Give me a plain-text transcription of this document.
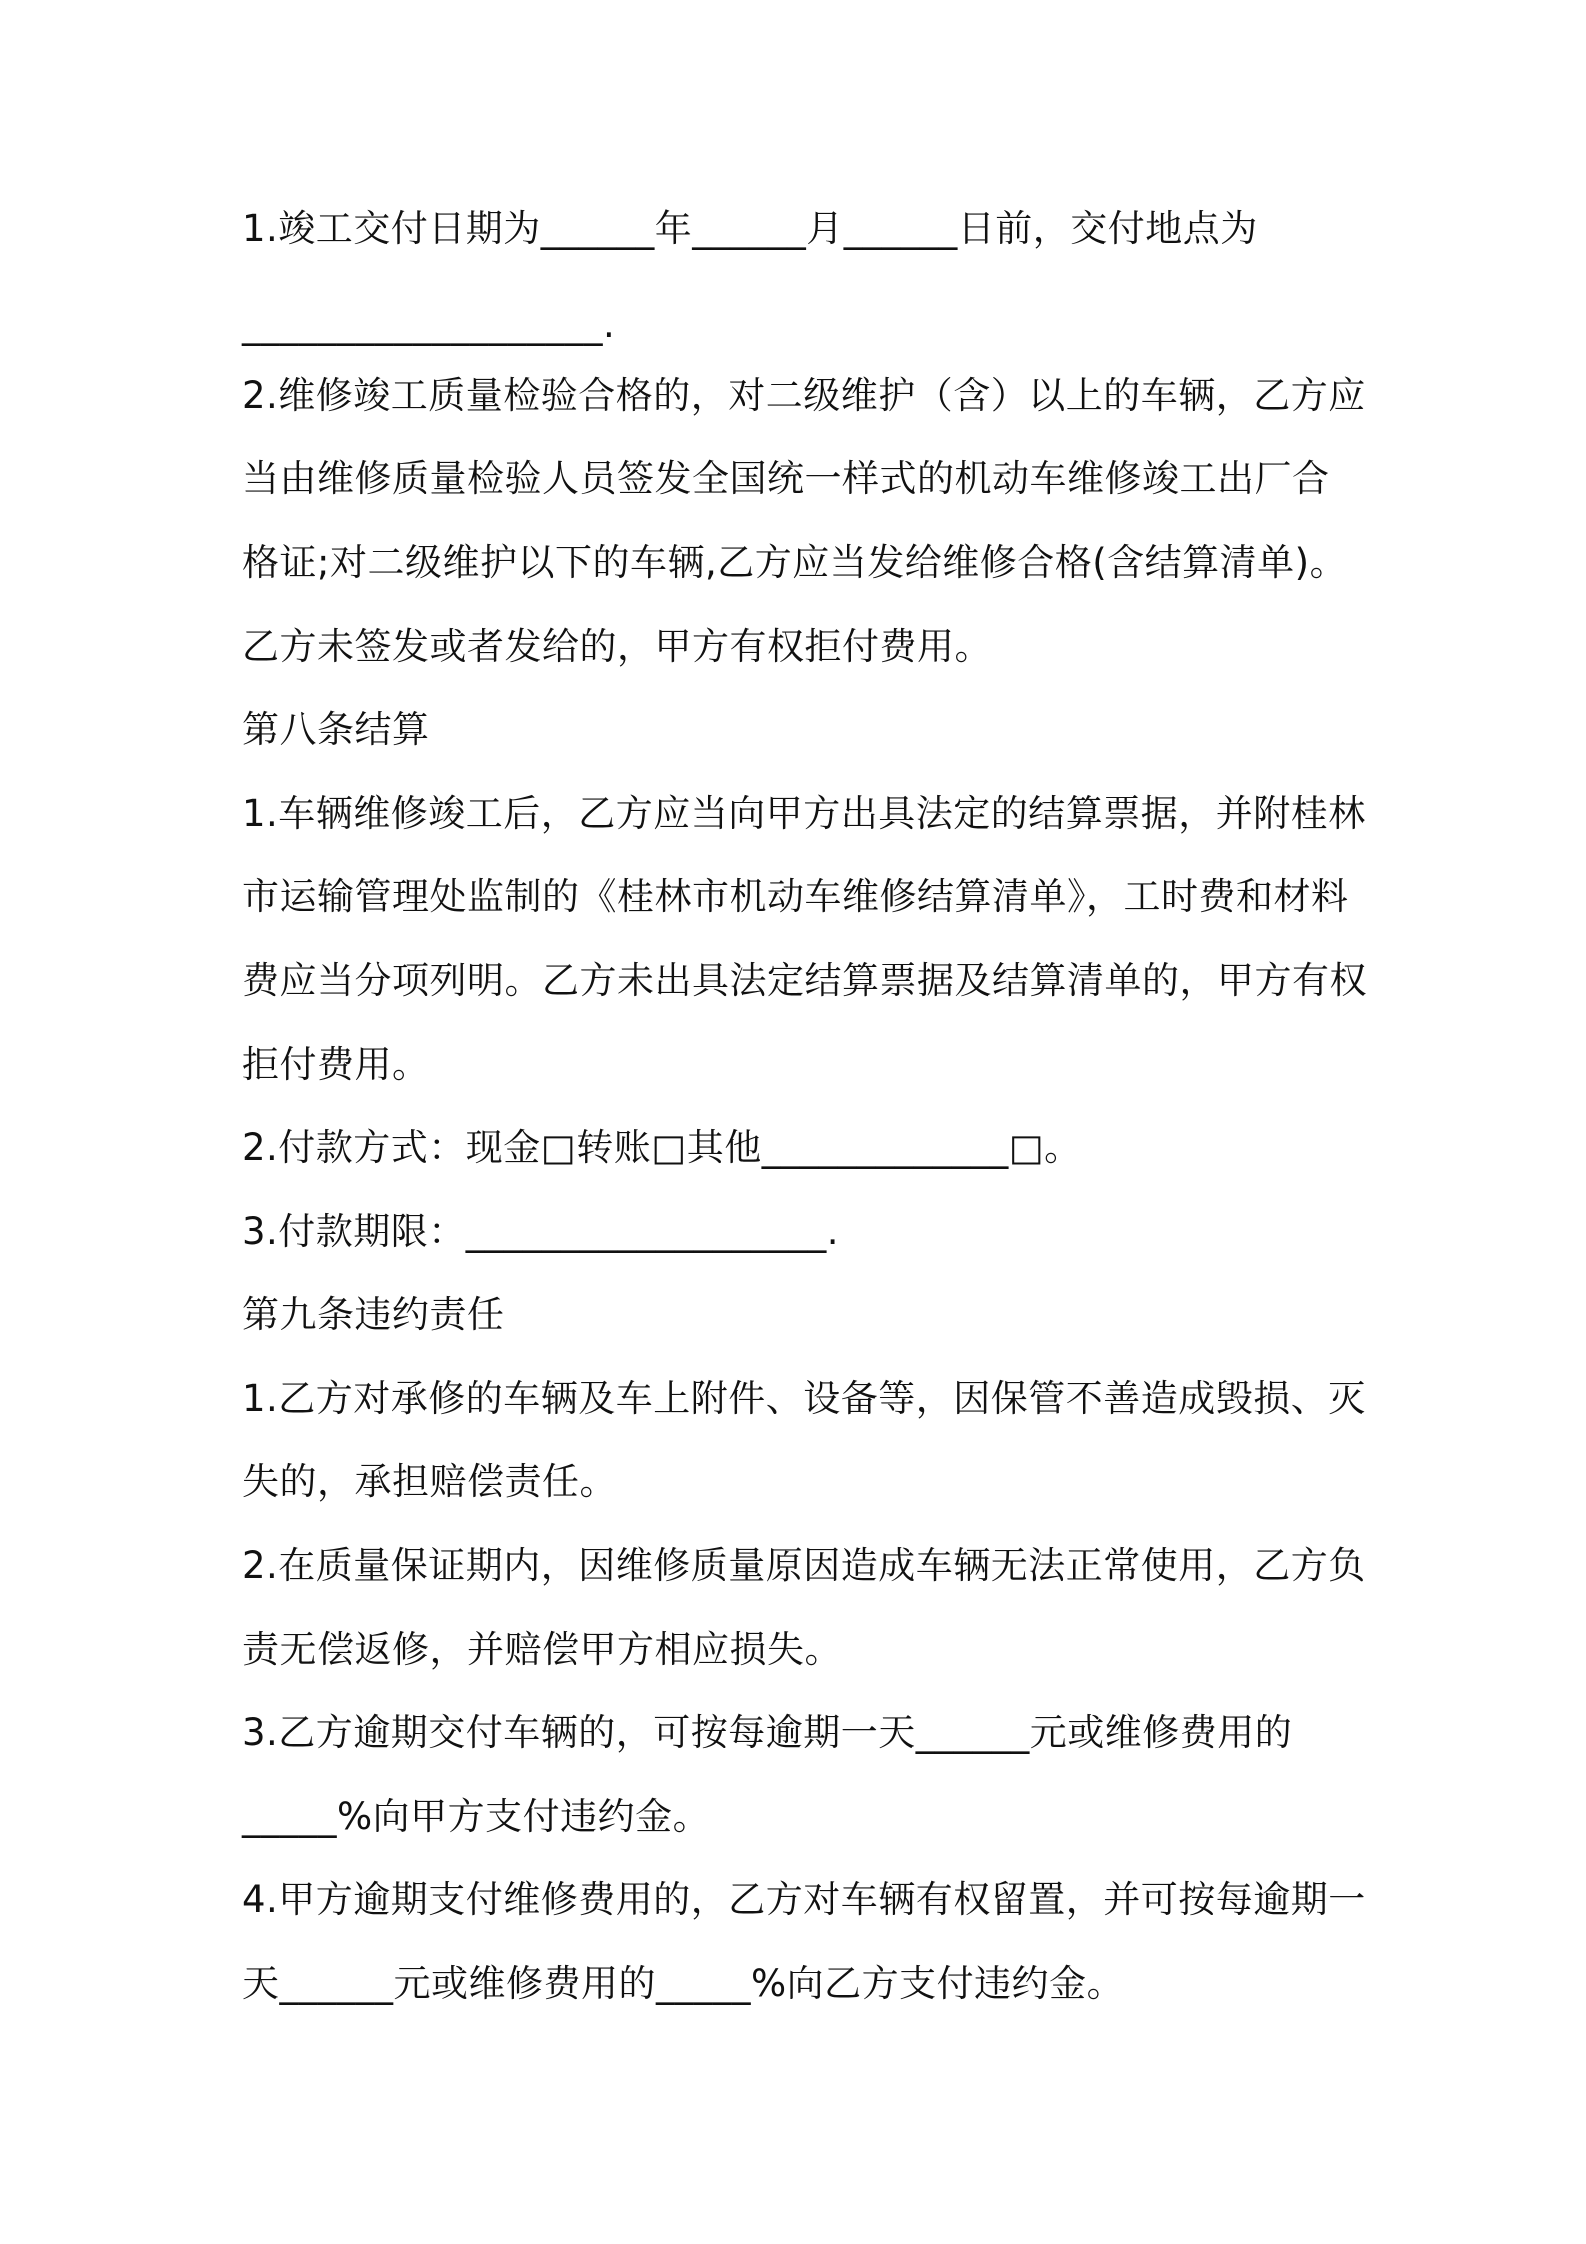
1.竣工交付日期为______年______月______日前，交付地点为
___________________.
2.维修竣工质量检验合格的，对二级维护（含）以上的车辆，乙方应
当由维修质量检验人员签发全国统一样式的机动车维修竣工出厂合
格证;对二级维护以下的车辆,乙方应当发给维修合格(含结算清单)。
乙方未签发或者发给的，甲方有权拒付费用。
第八条结算
1.车辆维修竣工后，乙方应当向甲方出具法定的结算票据，并附桂林
市运输管理处监制的《桂林市机动车维修结算清单》，工时费和材料
费应当分项列明。乙方未出具法定结算票据及结算清单的，甲方有权
拒付费用。
2.付款方式：现金□转账□其他_____________□。
3.付款期限：___________________.
第九条违约责任
1.乙方对承修的车辆及车上附件、设备等，因保管不善造成毁损、灭
失的，承担赔偿责任。
2.在质量保证期内，因维修质量原因造成车辆无法正常使用，乙方负
责无偿返修，并赔偿甲方相应损失。
3.乙方逾期交付车辆的，可按每逾期一天______元或维修费用的
_____%向甲方支付违约金。
4.甲方逾期支付维修费用的，乙方对车辆有权留置，并可按每逾期一
天______元或维修费用的_____%向乙方支付违约金。
